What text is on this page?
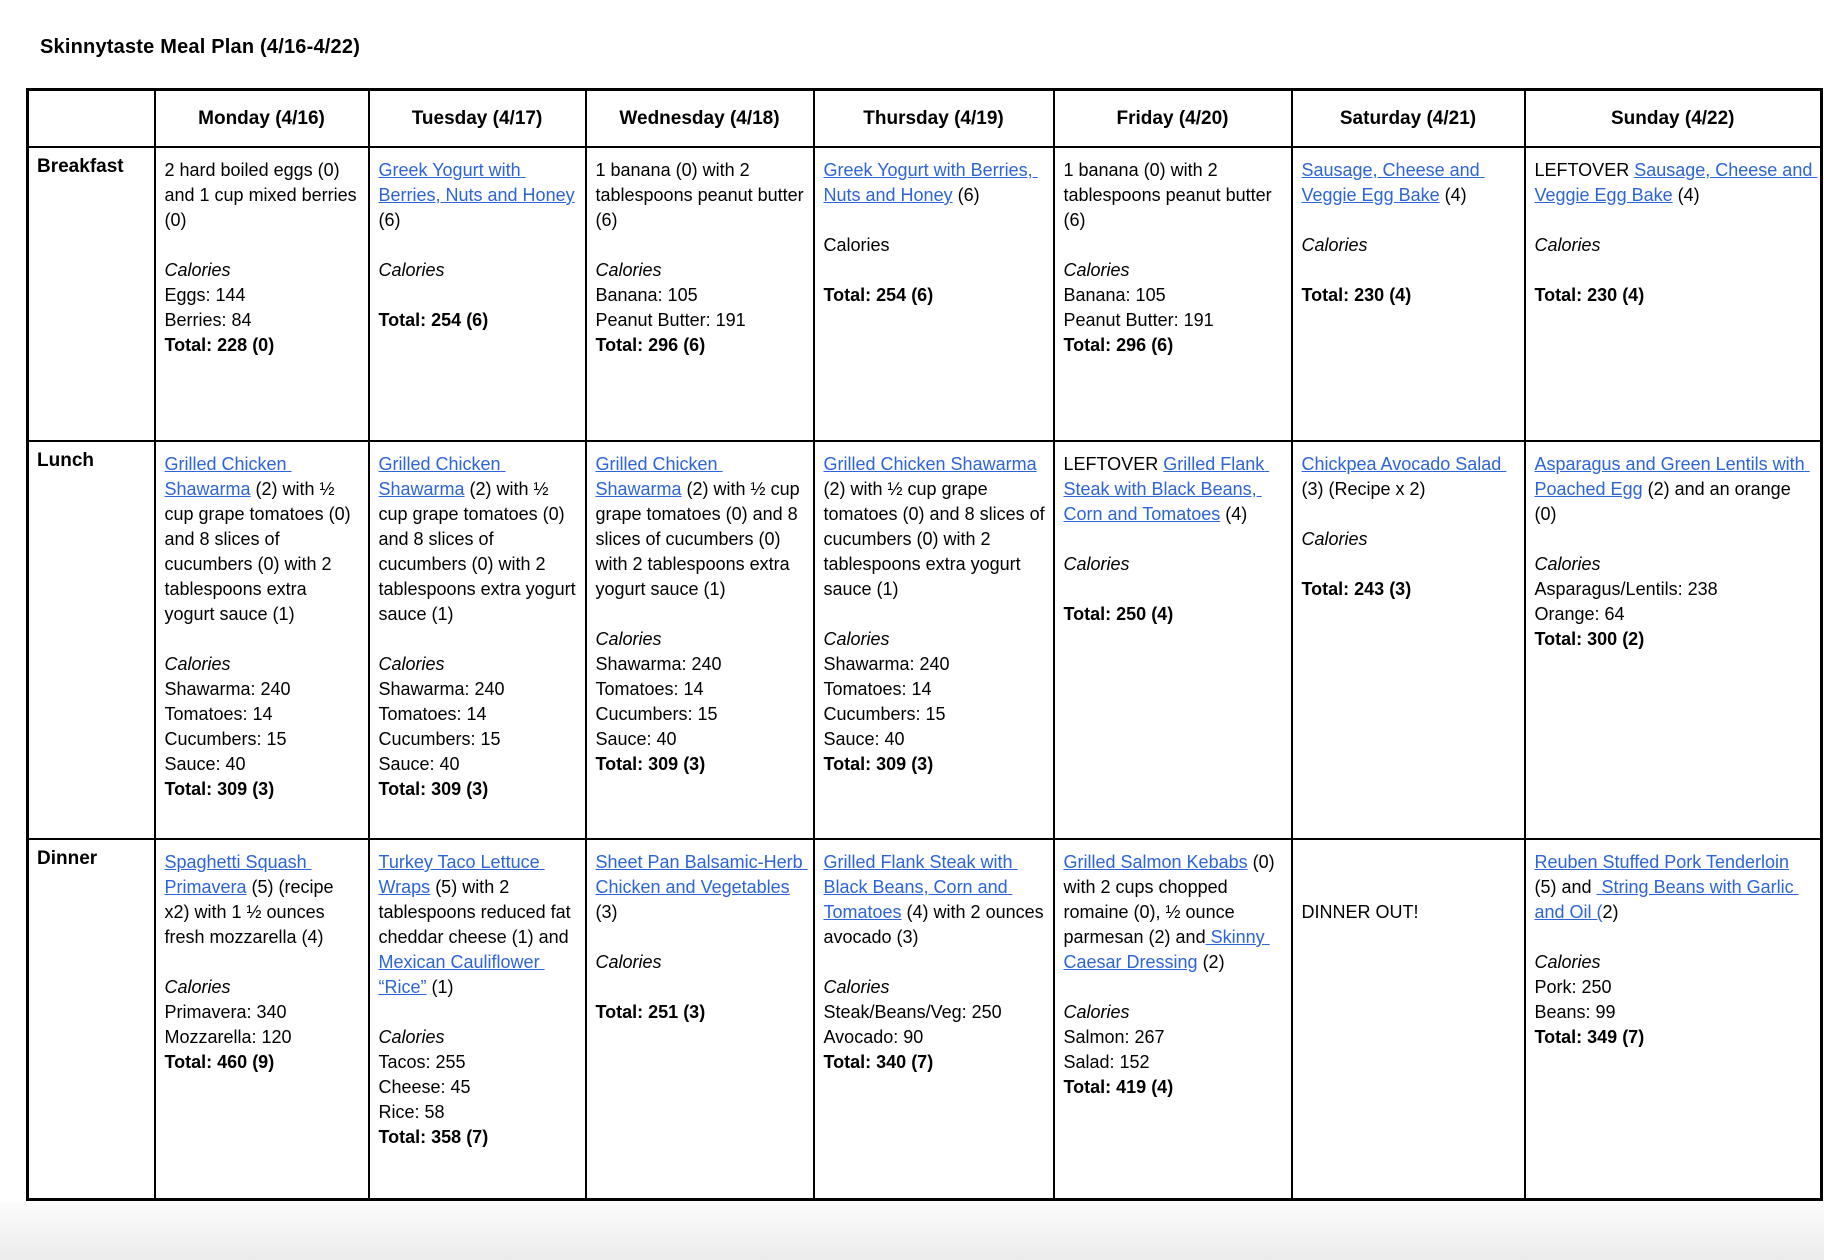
Skinnytaste Meal Plan (4/16-4/22)
	Monday (4/16)	Tuesday (4/17)	Wednesday (4/18)	Thursday (4/19)	Friday (4/20)	Saturday (4/21)	Sunday (4/22)
Breakfast	2 hard boiled eggs (0) and 1 cup mixed berries (0)
Calories
Eggs: 144
Berries: 84
Total: 228 (0)

Greek Yogurt with Berries, Nuts and Honey (6)
Calories
Total: 254 (6)

1 banana (0) with 2 tablespoons peanut butter (6)
Calories
Banana: 105
Peanut Butter: 191
Total: 296 (6)

Greek Yogurt with Berries, Nuts and Honey (6)
Calories
Total: 254 (6)

1 banana (0) with 2 tablespoons peanut butter (6)
Calories
Banana: 105
Peanut Butter: 191
Total: 296 (6)

Sausage, Cheese and Veggie Egg Bake (4)
Calories
Total: 230 (4)

LEFTOVER Sausage, Cheese and Veggie Egg Bake (4)
Calories
Total: 230 (4)

Lunch	Grilled Chicken Shawarma (2) with ½ cup grape tomatoes (0) and 8 slices of  cucumbers (0) with 2 tablespoons extra yogurt sauce (1)
Calories
Shawarma: 240
Tomatoes: 14
Cucumbers: 15
Sauce: 40
Total: 309 (3)

Grilled Chicken Shawarma (2) with ½ cup grape tomatoes (0) and 8 slices of cucumbers (0) with 2 tablespoons extra yogurt sauce (1)
Calories
Shawarma: 240
Tomatoes: 14
Cucumbers: 15
Sauce: 40
Total: 309 (3)

Grilled Chicken Shawarma (2) with ½ cup grape tomatoes (0) and 8 slices of cucumbers (0) with 2 tablespoons extra yogurt sauce (1)
Calories
Shawarma: 240
Tomatoes: 14
Cucumbers: 15
Sauce: 40
Total: 309 (3)

Grilled Chicken Shawarma (2) with ½ cup grape tomatoes (0) and 8 slices of cucumbers (0) with 2 tablespoons extra yogurt sauce (1)
Calories
Shawarma: 240
Tomatoes: 14
Cucumbers: 15
Sauce: 40
Total: 309 (3)

LEFTOVER Grilled Flank Steak with Black Beans, Corn and Tomatoes (4)
Calories
Total: 250 (4)

Chickpea Avocado Salad (3) (Recipe x 2)
Calories
Total: 243 (3)

Asparagus and Green Lentils with Poached Egg (2) and an orange (0)
Calories
Asparagus/Lentils: 238
Orange: 64
Total: 300 (2)

Dinner	Spaghetti Squash Primavera (5) (recipe x2) with 1 ½ ounces fresh mozzarella (4)
Calories
Primavera: 340
Mozzarella: 120
Total: 460 (9)

Turkey Taco Lettuce Wraps (5) with 2 tablespoons reduced fat cheddar cheese (1) and Mexican Cauliflower “Rice” (1)
Calories
Tacos: 255
Cheese: 45
Rice: 58
Total: 358 (7)

Sheet Pan Balsamic-Herb Chicken and Vegetables (3)
Calories
Total: 251 (3)

Grilled Flank Steak with Black Beans, Corn and Tomatoes (4) with 2 ounces avocado (3)
Calories
Steak/Beans/Veg: 250
Avocado: 90
Total: 340 (7)

Grilled Salmon Kebabs (0) with 2 cups chopped romaine (0), ½ ounce parmesan (2) and Skinny Caesar Dressing (2)
Calories
Salmon: 267
Salad: 152
Total: 419 (4)

DINNER OUT!

Reuben Stuffed Pork Tenderloin (5) and  String Beans with Garlic and Oil (2)
Calories
Pork: 250
Beans: 99
Total: 349 (7)
